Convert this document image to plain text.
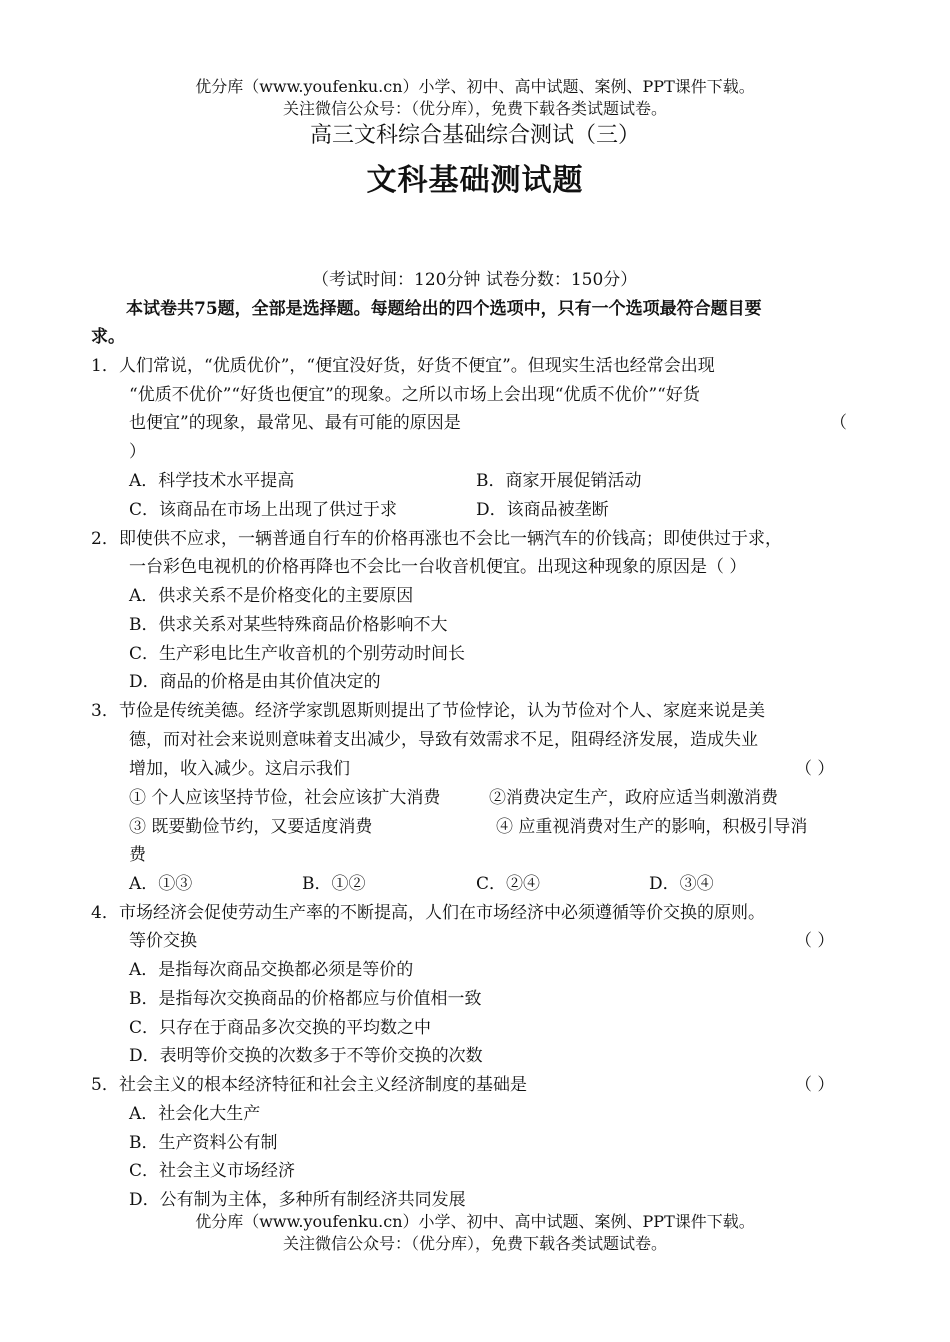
优分库（www.youfenku.cn）小学、初中、高中试题、案例、PPT课件下载。
关注微信公众号：（优分库），免费下载各类试题试卷。
高三文科综合基础综合测试（三）
文科基础测试题
（考试时间：120分钟 试卷分数：150分）
本试卷共75题，全部是选择题。每题给出的四个选项中，只有一个选项最符合题目要
求。
1． 人们常说，“优质优价”，“便宜没好货，好货不便宜”。但现实生活也经常会出现
“优质不优价”“好货也便宜”的现象。之所以市场上会出现“优质不优价”“好货
也便宜”的现象，最常见、最有可能的原因是	（
）
A．科学技术水平提高	B．商家开展促销活动
C．该商品在市场上出现了供过于求	D．该商品被垄断
2． 即使供不应求，一辆普通自行车的价格再涨也不会比一辆汽车的价钱高；即使供过于求，
一台彩色电视机的价格再降也不会比一台收音机便宜。出现这种现象的原因是（ ）
A．供求关系不是价格变化的主要原因
B．供求关系对某些特殊商品价格影响不大
C．生产彩电比生产收音机的个别劳动时间长
D．商品的价格是由其价值决定的
3． 节俭是传统美德。经济学家凯恩斯则提出了节俭悖论，认为节俭对个人、家庭来说是美
德，而对社会来说则意味着支出减少，导致有效需求不足，阻碍经济发展，造成失业
增加，收入减少。这启示我们	（ ）
① 个人应该坚持节俭，社会应该扩大消费	②消费决定生产，政府应适当刺激消费
③ 既要勤俭节约，又要适度消费	④ 应重视消费对生产的影响，积极引导消
费
A．①③	B．①②	C．②④	D．③④
4． 市场经济会促使劳动生产率的不断提高，人们在市场经济中必须遵循等价交换的原则。
等价交换	（ ）
A．是指每次商品交换都必须是等价的
B．是指每次交换商品的价格都应与价值相一致
C．只存在于商品多次交换的平均数之中
D．表明等价交换的次数多于不等价交换的次数
5． 社会主义的根本经济特征和社会主义经济制度的基础是	（ ）
A．社会化大生产
B．生产资料公有制
C．社会主义市场经济
D．公有制为主体，多种所有制经济共同发展
优分库（www.youfenku.cn）小学、初中、高中试题、案例、PPT课件下载。
关注微信公众号：（优分库），免费下载各类试题试卷。
